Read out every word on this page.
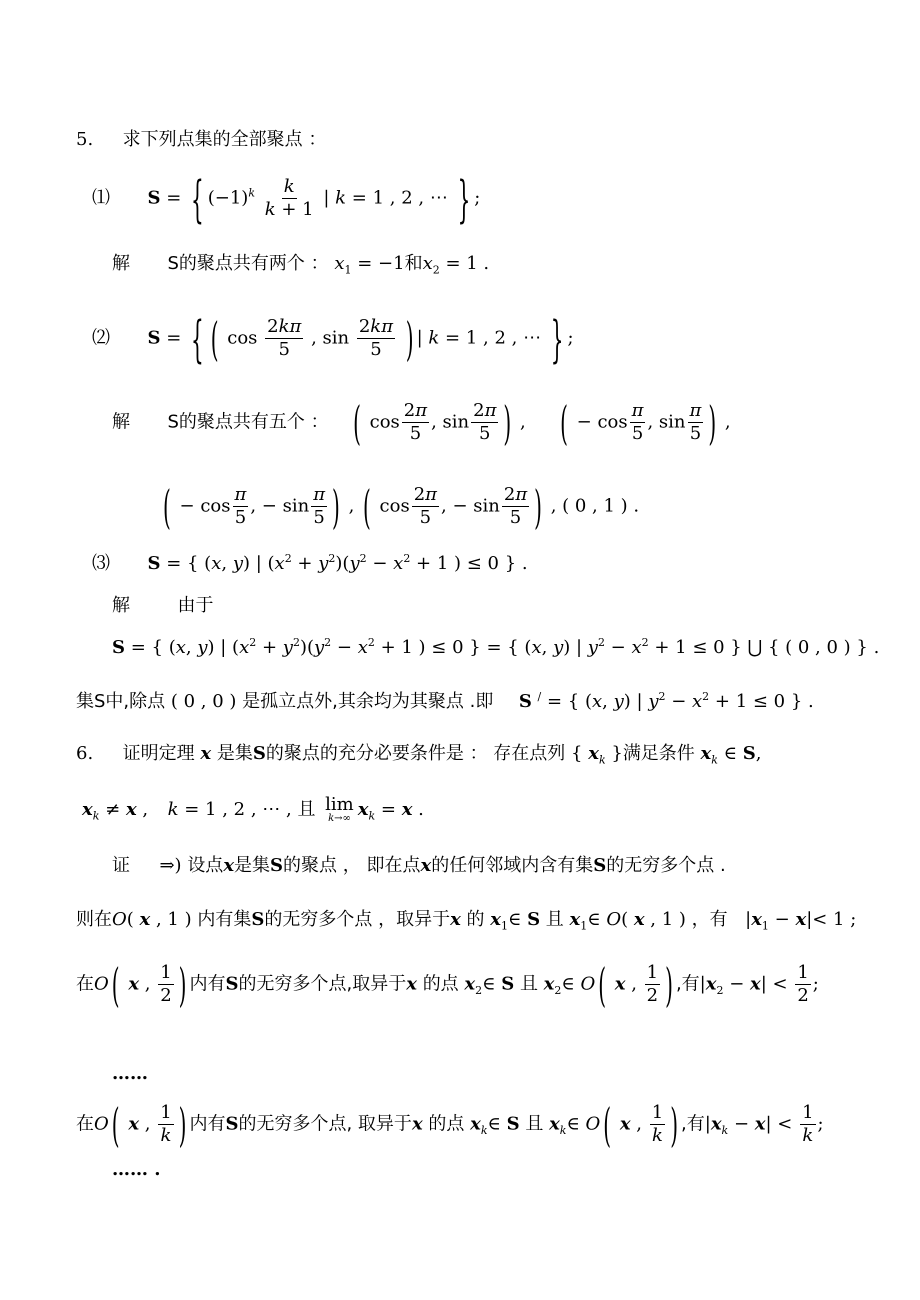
5. 求下列点集的全部聚点 ：
⑴ S = { $(-1)^k \frac{k}{k + 1}$ | k = 1 , 2 , ⋯ } ;
解 S的聚点共有两个 ： $x_1 = -1$和$x_2 = 1$ .
⑵ S = { ( $\cos \frac{2k\pi}{5}$ , $\sin \frac{2k\pi}{5}$ ) | k = 1 , 2 , ⋯ } ;
解 S的聚点共有五个 ： ( $\cos \frac{2\pi}{5}$ , $\sin \frac{2\pi}{5}$ ) ,  ( − $\cos \frac{\pi}{5}$ , $\sin \frac{\pi}{5}$ ) ,
( − $\cos \frac{\pi}{5}$ , − $\sin \frac{\pi}{5}$ ) , ( $\cos \frac{2\pi}{5}$ , − $\sin \frac{2\pi}{5}$ ) , ( 0 , 1 ) .
⑶ S = { (x, y) | $(x^2 + y^2)(y^2 - x^2 + 1$ ) ≤ 0 } .
解	由于
S = { (x, y) | $(x^2 + y^2)(y^2 - x^2 + 1$ ) ≤ 0 } = { (x, y) | $y^2 - x^2 + 1 \le 0$ } ⋃ { ( 0 , 0 ) } .
集S中,除点 ( 0 , 0 ) 是孤立点外,其余均为其聚点 .即 S / = { (x, y) | $y^2 - x^2 + 1 \le 0$ } .
6. 证明定理 x 是集S的聚点的充分必要条件是 ： 存在点列 { $x_k$ }满足条件 $x_k$ ∈ S,
$x_k \ne x$ ,  k = 1 , 2 , ⋯ , 且 lim
k→∞ $x_k = x$ .
证 ⇒) 设点x是集S的聚点 ， 即在点x的任何邻域内含有集S的无穷多个点 .
则在O( x , 1 ) 内有集S的无穷多个点 ，取异于x 的 $x_1\in$ S 且 $x_1\in$ O( x , 1 ) ，有  $|x_1 - x|< 1$ ;
在O ( x , $\frac{1}{2}$ ) 内有S的无穷多个点,取异于x 的点 $x_2\in$ S 且 $x_2\in$ O ( x , $\frac{1}{2}$ ) ,有$|x_2 - x| < \frac{1}{2}$ ;
……
在O ( x , $\frac{1}{k}$ ) 内有S的无穷多个点, 取异于x 的点 $x_k\in$ S 且 $x_k\in$ O ( x , $\frac{1}{k}$ ) ,有$|x_k - x| < \frac{1}{k}$ ;
…… .
